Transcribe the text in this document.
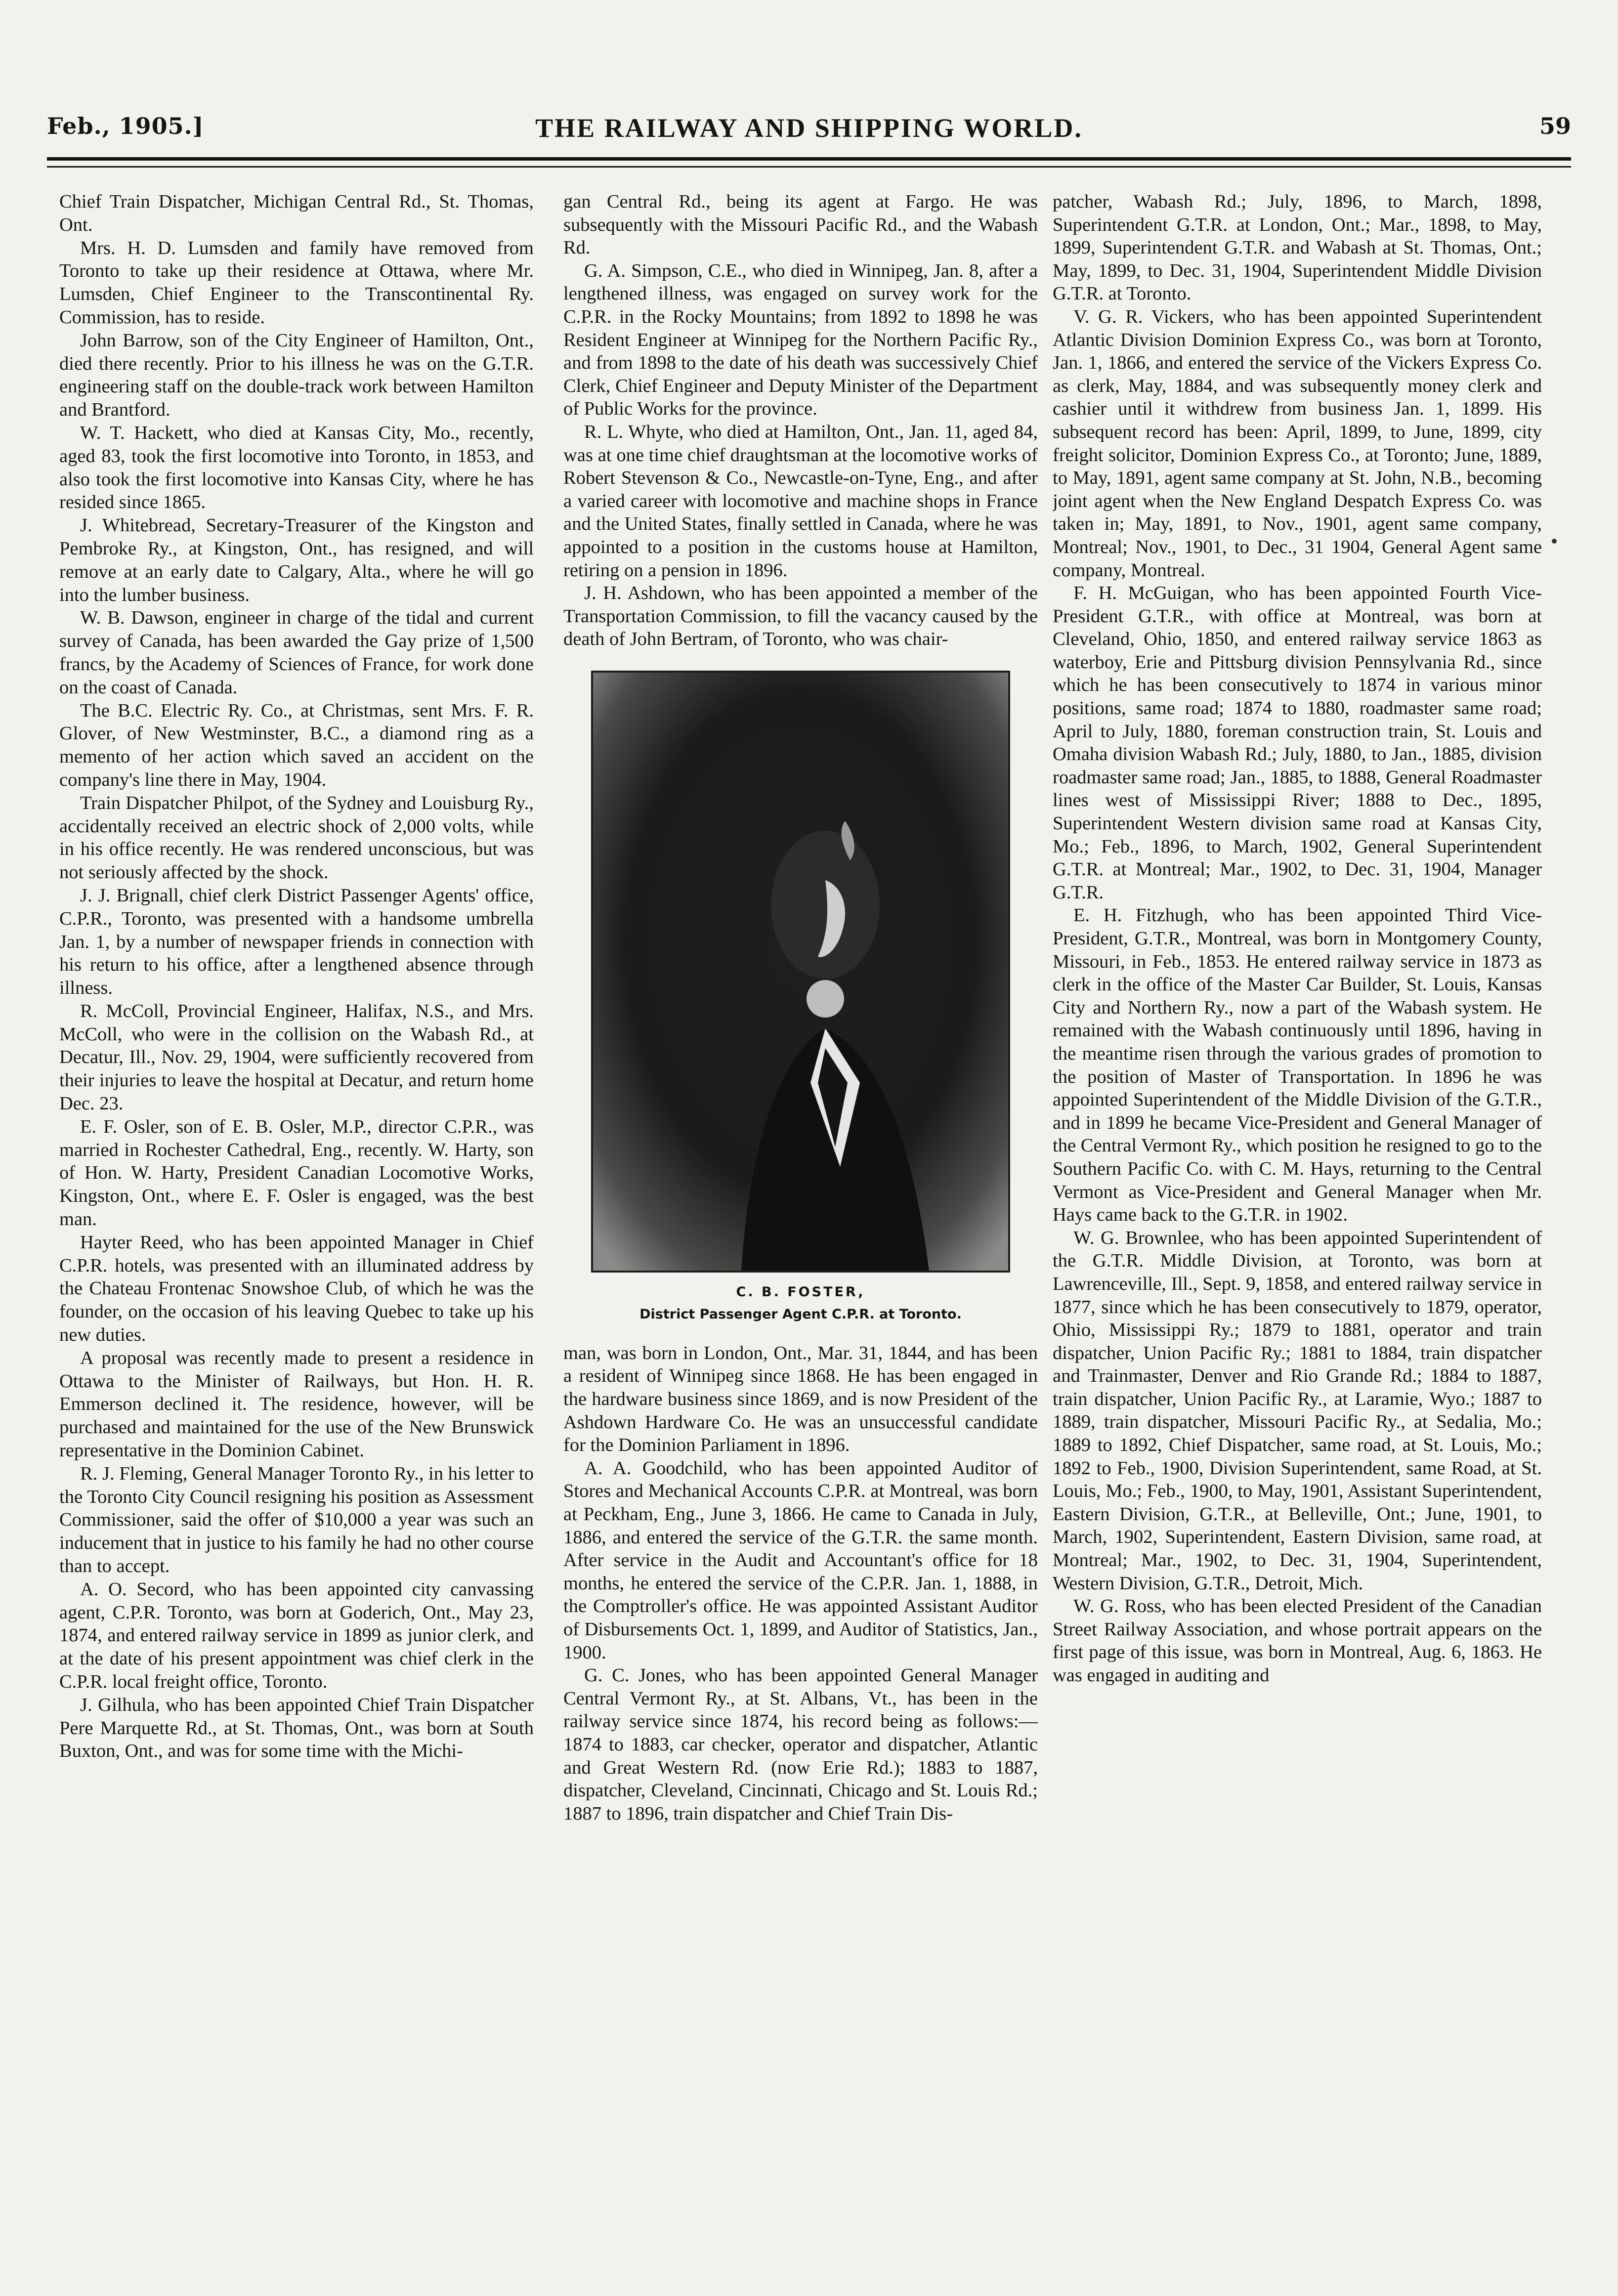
Feb., 1905.]	THE RAILWAY AND SHIPPING WORLD.	59

Chief Train Dispatcher, Michigan Central Rd., St. Thomas, Ont.

Mrs. H. D. Lumsden and family have removed from Toronto to take up their residence at Ottawa, where Mr. Lumsden, Chief Engineer to the Transcontinental Ry. Commission, has to reside.

John Barrow, son of the City Engineer of Hamilton, Ont., died there recently. Prior to his illness he was on the G.T.R. engineering staff on the double-track work between Hamilton and Brantford.

W. T. Hackett, who died at Kansas City, Mo., recently, aged 83, took the first locomotive into Toronto, in 1853, and also took the first locomotive into Kansas City, where he has resided since 1865.

J. Whitebread, Secretary-Treasurer of the Kingston and Pembroke Ry., at Kingston, Ont., has resigned, and will remove at an early date to Calgary, Alta., where he will go into the lumber business.

W. B. Dawson, engineer in charge of the tidal and current survey of Canada, has been awarded the Gay prize of 1,500 francs, by the Academy of Sciences of France, for work done on the coast of Canada.

The B.C. Electric Ry. Co., at Christmas, sent Mrs. F. R. Glover, of New Westminster, B.C., a diamond ring as a memento of her action which saved an accident on the company's line there in May, 1904.

Train Dispatcher Philpot, of the Sydney and Louisburg Ry., accidentally received an electric shock of 2,000 volts, while in his office recently. He was rendered unconscious, but was not seriously affected by the shock.

J. J. Brignall, chief clerk District Passenger Agents' office, C.P.R., Toronto, was presented with a handsome umbrella Jan. 1, by a number of newspaper friends in connection with his return to his office, after a lengthened absence through illness.

R. McColl, Provincial Engineer, Halifax, N.S., and Mrs. McColl, who were in the collision on the Wabash Rd., at Decatur, Ill., Nov. 29, 1904, were sufficiently recovered from their injuries to leave the hospital at Decatur, and return home Dec. 23.

E. F. Osler, son of E. B. Osler, M.P., director C.P.R., was married in Rochester Cathedral, Eng., recently. W. Harty, son of Hon. W. Harty, President Canadian Locomotive Works, Kingston, Ont., where E. F. Osler is engaged, was the best man.

Hayter Reed, who has been appointed Manager in Chief C.P.R. hotels, was presented with an illuminated address by the Chateau Frontenac Snowshoe Club, of which he was the founder, on the occasion of his leaving Quebec to take up his new duties.

A proposal was recently made to present a residence in Ottawa to the Minister of Railways, but Hon. H. R. Emmerson declined it. The residence, however, will be purchased and maintained for the use of the New Brunswick representative in the Dominion Cabinet.

R. J. Fleming, General Manager Toronto Ry., in his letter to the Toronto City Council resigning his position as Assessment Commissioner, said the offer of $10,000 a year was such an inducement that in justice to his family he had no other course than to accept.

A. O. Secord, who has been appointed city canvassing agent, C.P.R. Toronto, was born at Goderich, Ont., May 23, 1874, and entered railway service in 1899 as junior clerk, and at the date of his present appointment was chief clerk in the C.P.R. local freight office, Toronto.

J. Gilhula, who has been appointed Chief Train Dispatcher Pere Marquette Rd., at St. Thomas, Ont., was born at South Buxton, Ont., and was for some time with the Michi-

gan Central Rd., being its agent at Fargo. He was subsequently with the Missouri Pacific Rd., and the Wabash Rd.

G. A. Simpson, C.E., who died in Winnipeg, Jan. 8, after a lengthened illness, was engaged on survey work for the C.P.R. in the Rocky Mountains; from 1892 to 1898 he was Resident Engineer at Winnipeg for the Northern Pacific Ry., and from 1898 to the date of his death was successively Chief Clerk, Chief Engineer and Deputy Minister of the Department of Public Works for the province.

R. L. Whyte, who died at Hamilton, Ont., Jan. 11, aged 84, was at one time chief draughtsman at the locomotive works of Robert Stevenson & Co., Newcastle-on-Tyne, Eng., and after a varied career with locomotive and machine shops in France and the United States, finally settled in Canada, where he was appointed to a position in the customs house at Hamilton, retiring on a pension in 1896.

J. H. Ashdown, who has been appointed a member of the Transportation Commission, to fill the vacancy caused by the death of John Bertram, of Toronto, who was chair-

C. B. FOSTER,
District Passenger Agent C.P.R. at Toronto.

man, was born in London, Ont., Mar. 31, 1844, and has been a resident of Winnipeg since 1868. He has been engaged in the hardware business since 1869, and is now President of the Ashdown Hardware Co. He was an unsuccessful candidate for the Dominion Parliament in 1896.

A. A. Goodchild, who has been appointed Auditor of Stores and Mechanical Accounts C.P.R. at Montreal, was born at Peckham, Eng., June 3, 1866. He came to Canada in July, 1886, and entered the service of the G.T.R. the same month. After service in the Audit and Accountant's office for 18 months, he entered the service of the C.P.R. Jan. 1, 1888, in the Comptroller's office. He was appointed Assistant Auditor of Disbursements Oct. 1, 1899, and Auditor of Statistics, Jan., 1900.

G. C. Jones, who has been appointed General Manager Central Vermont Ry., at St. Albans, Vt., has been in the railway service since 1874, his record being as follows:—1874 to 1883, car checker, operator and dispatcher, Atlantic and Great Western Rd. (now Erie Rd.); 1883 to 1887, dispatcher, Cleveland, Cincinnati, Chicago and St. Louis Rd.; 1887 to 1896, train dispatcher and Chief Train Dis-

patcher, Wabash Rd.; July, 1896, to March, 1898, Superintendent G.T.R. at London, Ont.; Mar., 1898, to May, 1899, Superintendent G.T.R. and Wabash at St. Thomas, Ont.; May, 1899, to Dec. 31, 1904, Superintendent Middle Division G.T.R. at Toronto.

V. G. R. Vickers, who has been appointed Superintendent Atlantic Division Dominion Express Co., was born at Toronto, Jan. 1, 1866, and entered the service of the Vickers Express Co. as clerk, May, 1884, and was subsequently money clerk and cashier until it withdrew from business Jan. 1, 1899. His subsequent record has been: April, 1899, to June, 1899, city freight solicitor, Dominion Express Co., at Toronto; June, 1889, to May, 1891, agent same company at St. John, N.B., becoming joint agent when the New England Despatch Express Co. was taken in; May, 1891, to Nov., 1901, agent same company, Montreal; Nov., 1901, to Dec., 31 1904, General Agent same company, Montreal.

F. H. McGuigan, who has been appointed Fourth Vice-President G.T.R., with office at Montreal, was born at Cleveland, Ohio, 1850, and entered railway service 1863 as waterboy, Erie and Pittsburg division Pennsylvania Rd., since which he has been consecutively to 1874 in various minor positions, same road; 1874 to 1880, roadmaster same road; April to July, 1880, foreman construction train, St. Louis and Omaha division Wabash Rd.; July, 1880, to Jan., 1885, division roadmaster same road; Jan., 1885, to 1888, General Roadmaster lines west of Mississippi River; 1888 to Dec., 1895, Superintendent Western division same road at Kansas City, Mo.; Feb., 1896, to March, 1902, General Superintendent G.T.R. at Montreal; Mar., 1902, to Dec. 31, 1904, Manager G.T.R.

E. H. Fitzhugh, who has been appointed Third Vice-President, G.T.R., Montreal, was born in Montgomery County, Missouri, in Feb., 1853. He entered railway service in 1873 as clerk in the office of the Master Car Builder, St. Louis, Kansas City and Northern Ry., now a part of the Wabash system. He remained with the Wabash continuously until 1896, having in the meantime risen through the various grades of promotion to the position of Master of Transportation. In 1896 he was appointed Superintendent of the Middle Division of the G.T.R., and in 1899 he became Vice-President and General Manager of the Central Vermont Ry., which position he resigned to go to the Southern Pacific Co. with C. M. Hays, returning to the Central Vermont as Vice-President and General Manager when Mr. Hays came back to the G.T.R. in 1902.

W. G. Brownlee, who has been appointed Superintendent of the G.T.R. Middle Division, at Toronto, was born at Lawrenceville, Ill., Sept. 9, 1858, and entered railway service in 1877, since which he has been consecutively to 1879, operator, Ohio, Mississippi Ry.; 1879 to 1881, operator and train dispatcher, Union Pacific Ry.; 1881 to 1884, train dispatcher and Trainmaster, Denver and Rio Grande Rd.; 1884 to 1887, train dispatcher, Union Pacific Ry., at Laramie, Wyo.; 1887 to 1889, train dispatcher, Missouri Pacific Ry., at Sedalia, Mo.; 1889 to 1892, Chief Dispatcher, same road, at St. Louis, Mo.; 1892 to Feb., 1900, Division Superintendent, same Road, at St. Louis, Mo.; Feb., 1900, to May, 1901, Assistant Superintendent, Eastern Division, G.T.R., at Belleville, Ont.; June, 1901, to March, 1902, Superintendent, Eastern Division, same road, at Montreal; Mar., 1902, to Dec. 31, 1904, Superintendent, Western Division, G.T.R., Detroit, Mich.

W. G. Ross, who has been elected President of the Canadian Street Railway Association, and whose portrait appears on the first page of this issue, was born in Montreal, Aug. 6, 1863. He was engaged in auditing and
